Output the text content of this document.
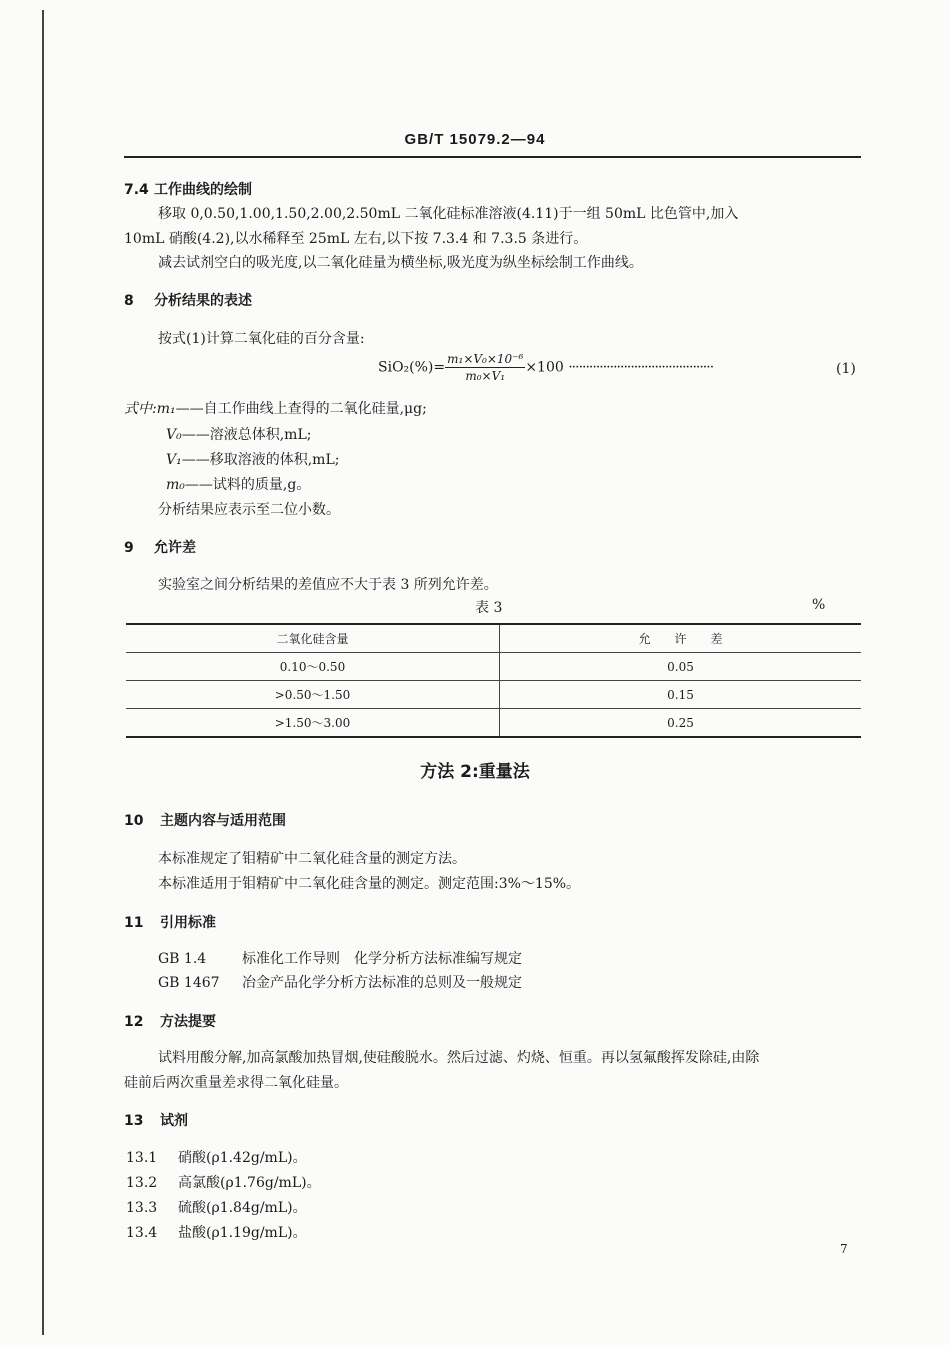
GB/T 15079.2—94
7.4 工作曲线的绘制
移取 0,0.50,1.00,1.50,2.00,2.50mL 二氧化硅标准溶液(4.11)于一组 50mL 比色管中,加入
10mL 硝酸(4.2),以水稀释至 25mL 左右,以下按 7.3.4 和 7.3.5 条进行。
减去试剂空白的吸光度,以二氧化硅量为横坐标,吸光度为纵坐标绘制工作曲线。
8 分析结果的表述
按式(1)计算二氧化硅的百分含量:
$SiO_2(\%)= \frac{\text{m₁×V₀×10⁻⁶}}{\text{m₀×V₁}} \times 100$ ··········································	(1)
式中:m₁——自工作曲线上查得的二氧化硅量,μg;
V₀——溶液总体积,mL;
V₁——移取溶液的体积,mL;
m₀——试料的质量,g。
分析结果应表示至二位小数。
9 允许差
实验室之间分析结果的差值应不大于表 3 所列允许差。
表 3	%
二氧化硅含量	允　　许　　差
0.10～0.50	0.05
>0.50～1.50	0.15
>1.50～3.00	0.25
方法 2:重量法
10 主题内容与适用范围
本标准规定了钼精矿中二氧化硅含量的测定方法。
本标准适用于钼精矿中二氧化硅含量的测定。测定范围:3%～15%。
11 引用标准
GB 1.4	标准化工作导则　化学分析方法标准编写规定
GB 1467 冶金产品化学分析方法标准的总则及一般规定
12 方法提要
试料用酸分解,加高氯酸加热冒烟,使硅酸脱水。然后过滤、灼烧、恒重。再以氢氟酸挥发除硅,由除
硅前后两次重量差求得二氧化硅量。
13 试剂
13.1 硝酸(ρ1.42g/mL)。
13.2 高氯酸(ρ1.76g/mL)。
13.3 硫酸(ρ1.84g/mL)。
13.4 盐酸(ρ1.19g/mL)。
7
